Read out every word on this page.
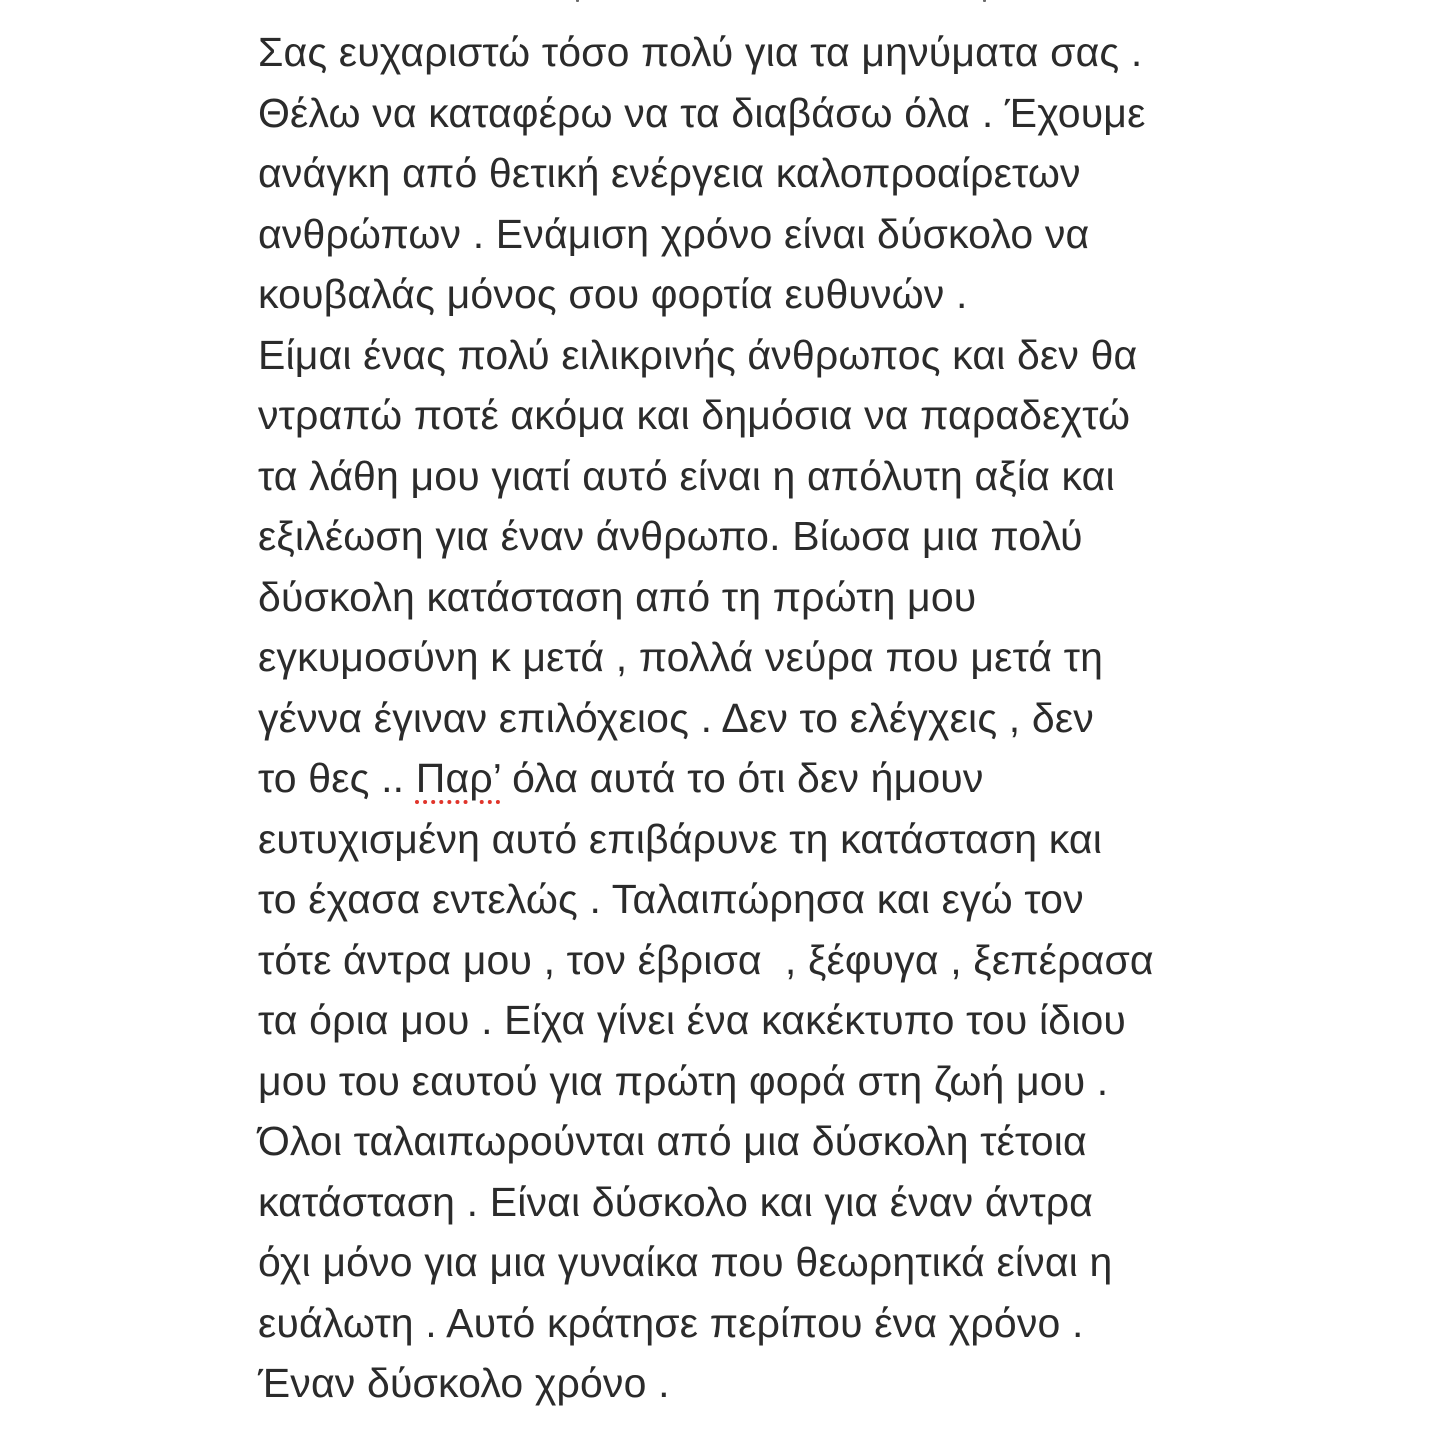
Σας ευχαριστώ τόσο πολύ για τα μηνύματα σας .
Θέλω να καταφέρω να τα διαβάσω όλα . Έχουμε
ανάγκη από θετική ενέργεια καλοπροαίρετων
ανθρώπων . Ενάμιση χρόνο είναι δύσκολο να
κουβαλάς μόνος σου φορτία ευθυνών .
Είμαι ένας πολύ ειλικρινής άνθρωπος και δεν θα
ντραπώ ποτέ ακόμα και δημόσια να παραδεχτώ
τα λάθη μου γιατί αυτό είναι η απόλυτη αξία και
εξιλέωση για έναν άνθρωπο. Βίωσα μια πολύ
δύσκολη κατάσταση από τη πρώτη μου
εγκυμοσύνη κ μετά , πολλά νεύρα που μετά τη
γέννα έγιναν επιλόχειος . Δεν το ελέγχεις , δεν
το θες .. Παρ’ όλα αυτά το ότι δεν ήμουν
ευτυχισμένη αυτό επιβάρυνε τη κατάσταση και
το έχασα εντελώς . Ταλαιπώρησα και εγώ τον
τότε άντρα μου , τον έβρισα  , ξέφυγα , ξεπέρασα
τα όρια μου . Είχα γίνει ένα κακέκτυπο του ίδιου
μου του εαυτού για πρώτη φορά στη ζωή μου .
Όλοι ταλαιπωρούνται από μια δύσκολη τέτοια
κατάσταση . Είναι δύσκολο και για έναν άντρα
όχι μόνο για μια γυναίκα που θεωρητικά είναι η
ευάλωτη . Αυτό κράτησε περίπου ένα χρόνο .
Έναν δύσκολο χρόνο .
